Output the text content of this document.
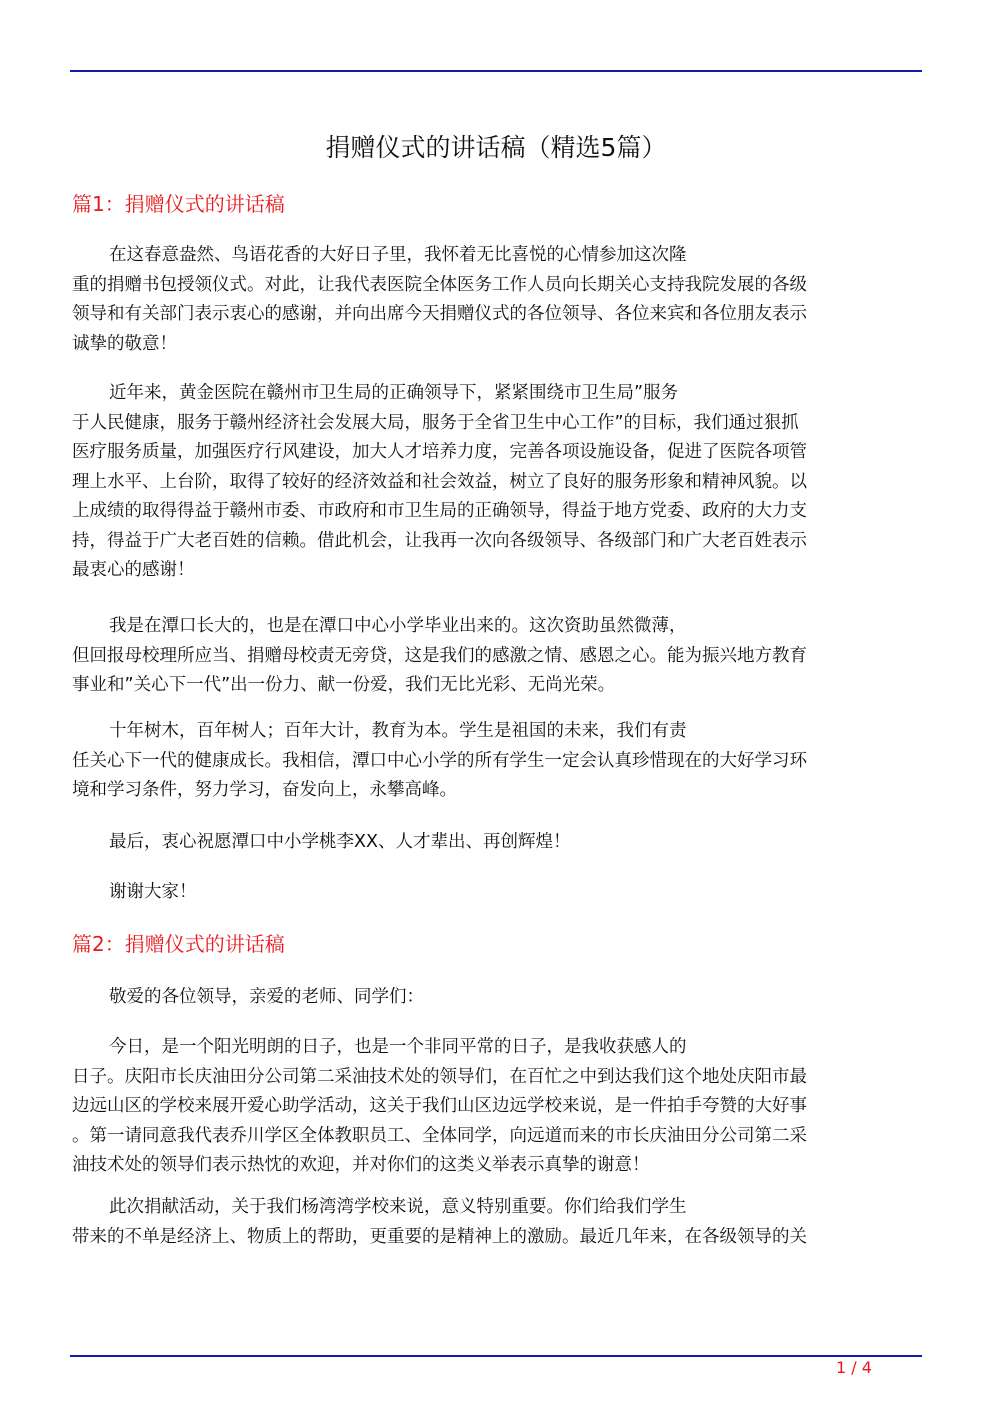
捐赠仪式的讲话稿（精选5篇）
篇1：捐赠仪式的讲话稿
在这春意盎然、鸟语花香的大好日子里，我怀着无比喜悦的心情参加这次隆
重的捐赠书包授领仪式。对此，让我代表医院全体医务工作人员向长期关心支持我院发展的各级
领导和有关部门表示衷心的感谢，并向出席今天捐赠仪式的各位领导、各位来宾和各位朋友表示
诚挚的敬意！
近年来，黄金医院在赣州市卫生局的正确领导下，紧紧围绕市卫生局”服务
于人民健康，服务于赣州经济社会发展大局，服务于全省卫生中心工作”的目标，我们通过狠抓
医疗服务质量，加强医疗行风建设，加大人才培养力度，完善各项设施设备，促进了医院各项管
理上水平、上台阶，取得了较好的经济效益和社会效益，树立了良好的服务形象和精神风貌。以
上成绩的取得得益于赣州市委、市政府和市卫生局的正确领导，得益于地方党委、政府的大力支
持，得益于广大老百姓的信赖。借此机会，让我再一次向各级领导、各级部门和广大老百姓表示
最衷心的感谢！
我是在潭口长大的，也是在潭口中心小学毕业出来的。这次资助虽然微薄，
但回报母校理所应当、捐赠母校责无旁贷，这是我们的感激之情、感恩之心。能为振兴地方教育
事业和”关心下一代”出一份力、献一份爱，我们无比光彩、无尚光荣。
十年树木，百年树人；百年大计，教育为本。学生是祖国的未来，我们有责
任关心下一代的健康成长。我相信，潭口中心小学的所有学生一定会认真珍惜现在的大好学习环
境和学习条件，努力学习，奋发向上，永攀高峰。
最后，衷心祝愿潭口中小学桃李XX、人才辈出、再创辉煌！
谢谢大家！
篇2：捐赠仪式的讲话稿
敬爱的各位领导，亲爱的老师、同学们：
今日，是一个阳光明朗的日子，也是一个非同平常的日子，是我收获感人的
日子。庆阳市长庆油田分公司第二采油技术处的领导们，在百忙之中到达我们这个地处庆阳市最
边远山区的学校来展开爱心助学活动，这关于我们山区边远学校来说，是一件拍手夸赞的大好事
。第一请同意我代表乔川学区全体教职员工、全体同学，向远道而来的市长庆油田分公司第二采
油技术处的领导们表示热忱的欢迎，并对你们的这类义举表示真挚的谢意！
此次捐献活动，关于我们杨湾湾学校来说，意义特别重要。你们给我们学生
带来的不单是经济上、物质上的帮助，更重要的是精神上的激励。最近几年来，在各级领导的关
1 / 4
